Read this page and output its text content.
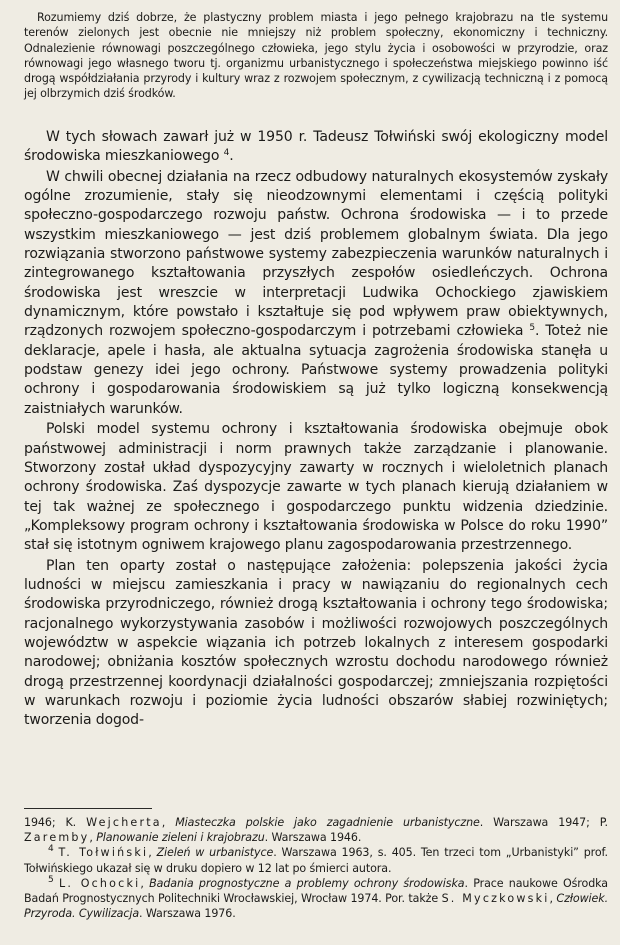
Rozumiemy dziś dobrze, że plastyczny problem miasta i jego pełnego krajobrazu na tle systemu terenów zielonych jest obecnie nie mniejszy niż problem społeczny, ekonomiczny i techniczny. Odnalezienie równowagi poszczególnego człowieka, jego stylu życia i osobowości w przyrodzie, oraz równowagi jego własnego tworu tj. organizmu urbanistycznego i społeczeństwa miejskiego powinno iść drogą współdziałania przyrody i kultury wraz z rozwojem społecznym, z cywilizacją techniczną i z pomocą jej olbrzymich dziś środków.

W tych słowach zawarł już w 1950 r. Tadeusz Tołwiński swój ekologiczny model środowiska mieszkaniowego $^4$.

W chwili obecnej działania na rzecz odbudowy naturalnych ekosystemów zyskały ogólne zrozumienie, stały się nieodzownymi elementami i częścią polityki społeczno-gospodarczego rozwoju państw. Ochrona środowiska — i to przede wszystkim mieszkaniowego — jest dziś problemem globalnym świata. Dla jego rozwiązania stworzono państwowe systemy zabezpieczenia warunków naturalnych i zintegrowanego kształtowania przyszłych zespołów osiedleńczych. Ochrona środowiska jest wreszcie w interpretacji Ludwika Ochockiego zjawiskiem dynamicznym, które powstało i kształtuje się pod wpływem praw obiektywnych, rządzonych rozwojem społeczno-gospodarczym i potrzebami człowieka $^5$. Toteż nie deklaracje, apele i hasła, ale aktualna sytuacja zagrożenia środowiska stanęła u podstaw genezy idei jego ochrony. Państwowe systemy prowadzenia polityki ochrony i gospodarowania środowiskiem są już tylko logiczną konsekwencją zaistniałych warunków.

Polski model systemu ochrony i kształtowania środowiska obejmuje obok państwowej administracji i norm prawnych także zarządzanie i planowanie. Stworzony został układ dyspozycyjny zawarty w rocznych i wieloletnich planach ochrony środowiska. Zaś dyspozycje zawarte w tych planach kierują działaniem w tej tak ważnej ze społecznego i gospodarczego punktu widzenia dziedzinie. „Kompleksowy program ochrony i kształtowania środowiska w Polsce do roku 1990” stał się istotnym ogniwem krajowego planu zagospodarowania przestrzennego.

Plan ten oparty został o następujące założenia: polepszenia jakości życia ludności w miejscu zamieszkania i pracy w nawiązaniu do regionalnych cech środowiska przyrodniczego, również drogą kształtowania i ochrony tego środowiska; racjonalnego wykorzystywania zasobów i możliwości rozwojowych poszczególnych województw w aspekcie wiązania ich potrzeb lokalnych z interesem gospodarki narodowej; obniżania kosztów społecznych wzrostu dochodu narodowego również drogą przestrzennej koordynacji działalności gospodarczej; zmniejszania rozpiętości w warunkach rozwoju i poziomie życia ludności obszarów słabiej rozwiniętych; tworzenia dogod-

1946; K. Wejcherta, Miasteczka polskie jako zagadnienie urbanistyczne. Warszawa 1947; P. Zaremby, Planowanie zieleni i krajobrazu. Warszawa 1946.

$^4$ T. Tołwiński, Zieleń w urbanistyce. Warszawa 1963, s. 405. Ten trzeci tom „Urbanistyki” prof. Tołwińskiego ukazał się w druku dopiero w 12 lat po śmierci autora.

$^5$ L. Ochocki, Badania prognostyczne a problemy ochrony środowiska. Prace naukowe Ośrodka Badań Prognostycznych Politechniki Wrocławskiej, Wrocław 1974. Por. także S. Myczkowski, Człowiek. Przyroda. Cywilizacja. Warszawa 1976.
